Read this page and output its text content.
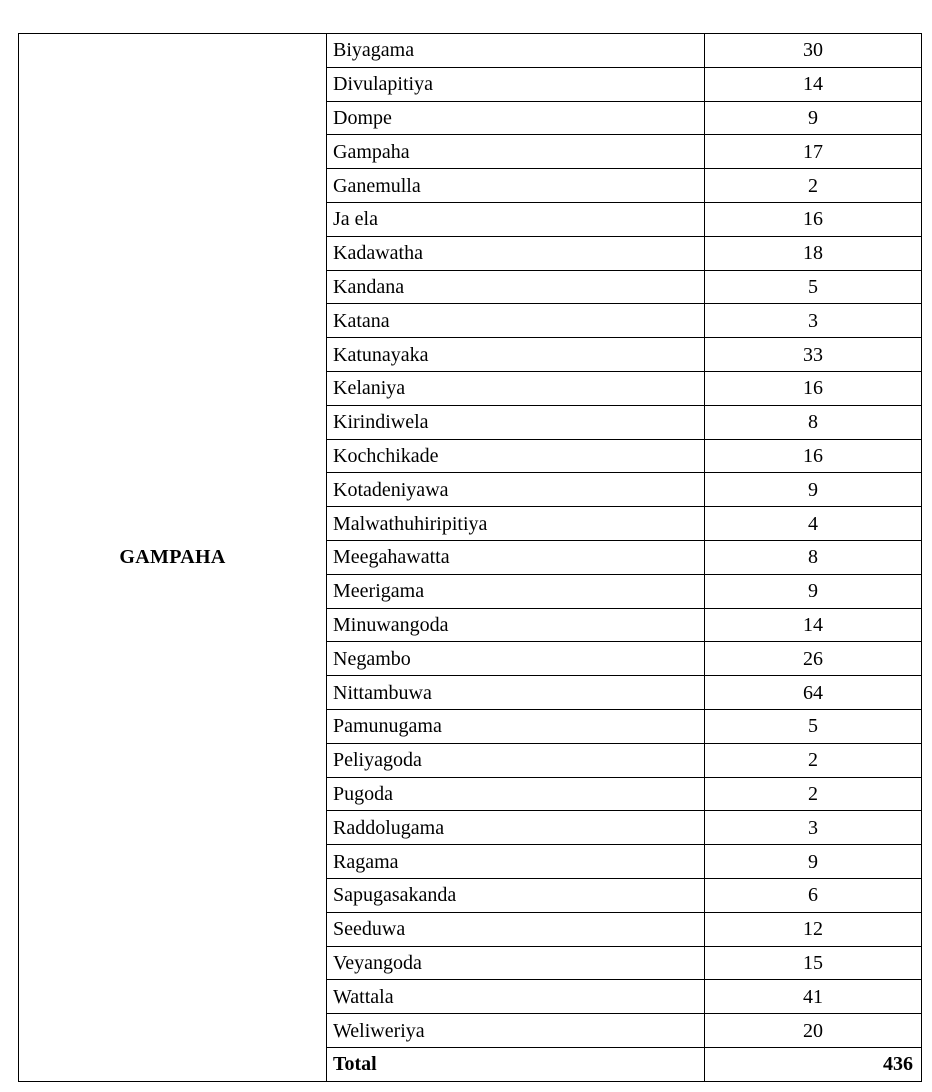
GAMPAHA	Biyagama	30
	Divulapitiya	14
	Dompe	9
	Gampaha	17
	Ganemulla	2
	Ja ela	16
	Kadawatha	18
	Kandana	5
	Katana	3
	Katunayaka	33
	Kelaniya	16
	Kirindiwela	8
	Kochchikade	16
	Kotadeniyawa	9
	Malwathuhiripitiya	4
	Meegahawatta	8
	Meerigama	9
	Minuwangoda	14
	Negambo	26
	Nittambuwa	64
	Pamunugama	5
	Peliyagoda	2
	Pugoda	2
	Raddolugama	3
	Ragama	9
	Sapugasakanda	6
	Seeduwa	12
	Veyangoda	15
	Wattala	41
	Weliweriya	20
	Total	436
